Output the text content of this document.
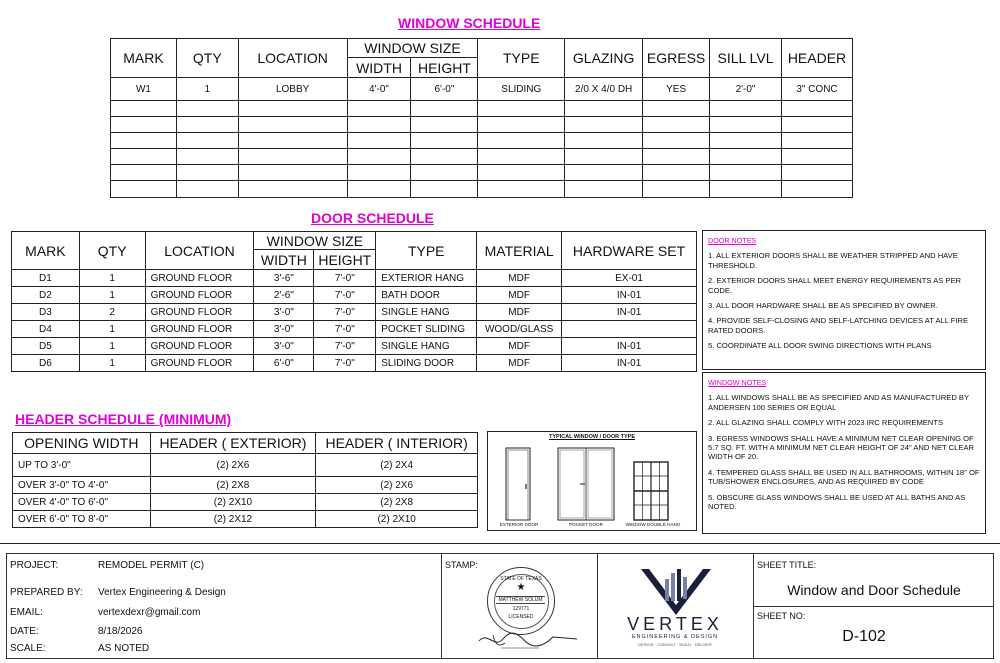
WINDOW SCHEDULE
MARK	QTY	LOCATION	WINDOW SIZE		TYPE	GLAZING	EGRESS	SILL LVL	HEADER
			WIDTH	HEIGHT					
W1	1	LOBBY	4'-0"	6'-0"	SLIDING	2/0 X 4/0 DH	YES	2'-0"	3" CONC

DOOR SCHEDULE
MARK	QTY	LOCATION	WINDOW SIZE		TYPE	MATERIAL	HARDWARE SET
			WIDTH	HEIGHT			
D1	1	GROUND FLOOR	3'-6"	7'-0"	EXTERIOR HANG	MDF	EX-01
D2	1	GROUND FLOOR	2'-6"	7'-0"	BATH DOOR	MDF	IN-01
D3	2	GROUND FLOOR	3'-0"	7'-0"	SINGLE HANG	MDF	IN-01
D4	1	GROUND FLOOR	3'-0"	7'-0"	POCKET SLIDING	WOOD/GLASS	
D5	1	GROUND FLOOR	3'-0"	7'-0"	SINGLE HANG	MDF	IN-01
D6	1	GROUND FLOOR	6'-0"	7'-0"	SLIDING DOOR	MDF	IN-01
DOOR NOTES

1. ALL EXTERIOR DOORS SHALL BE WEATHER STRIPPED AND HAVE THRESHOLD.

2. EXTERIOR DOORS SHALL MEET ENERGY REQUIREMENTS AS PER CODE.

3. ALL DOOR HARDWARE SHALL BE AS SPECIFIED BY OWNER.

4. PROVIDE SELF-CLOSING AND SELF-LATCHING DEVICES AT ALL FIRE RATED DOORS.

5. COORDINATE ALL DOOR SWING DIRECTIONS WITH PLANS

WINDOW NOTES

1. ALL WINDOWS SHALL BE AS SPECIFIED AND AS MANUFACTURED BY ANDERSEN 100 SERIES OR EQUAL

2. ALL GLAZING SHALL COMPLY WITH 2023 IRC REQUIREMENTS

3. EGRESS WINDOWS SHALL HAVE A MINIMUM NET CLEAR OPENING OF 5.7 SQ. FT. WITH A MINIMUM NET CLEAR HEIGHT OF 24" AND NET CLEAR WIDTH OF 20.

4. TEMPERED GLASS SHALL BE USED IN ALL BATHROOMS, WITHIN 18" OF TUB/SHOWER ENCLOSURES, AND AS REQUIRED BY CODE

5. OBSCURE GLASS WINDOWS SHALL BE USED AT ALL BATHS AND AS NOTED.

HEADER SCHEDULE (MINIMUM)
OPENING WIDTH	HEADER ( EXTERIOR)	HEADER ( INTERIOR)
UP TO 3'-0"	(2) 2X6	(2) 2X4
OVER 3'-0" TO 4'-0"	(2) 2X8	(2) 2X6
OVER 4'-0" TO 6'-0"	(2) 2X10	(2) 2X8
OVER 6'-0" TO 8'-0"	(2) 2X12	(2) 2X10
TYPICAL WINDOW / DOOR TYPE
EXTERIOR DOOR	POCKET DOOR	WINDOW DOUBLE HANG
PROJECT:	REMODEL PERMIT (C)
PREPARED BY: Vertex Engineering & Design
EMAIL:	vertexdexr@gmail.com
DATE:	8/18/2026
SCALE:	AS NOTED
STAMP:
STATE OF TEXAS
★
MATTHEW SOLUM
129771
LICENSED	VERTEX
ENGINEERING & DESIGN
DESIGN · CONSULT · BUILD · DELIVER
SHEET TITLE:
Window and Door Schedule
SHEET NO:
D-102
